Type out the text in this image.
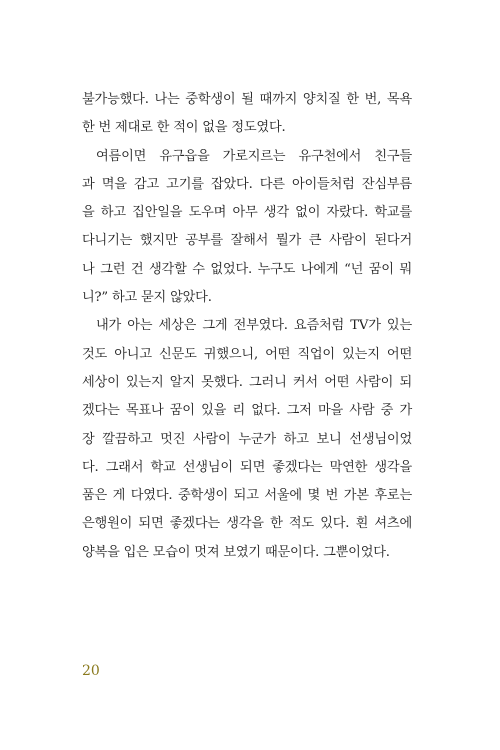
불가능했다. 나는 중학생이 될 때까지 양치질 한 번, 목욕
한 번 제대로 한 적이 없을 정도였다.
여름이면 유구읍을 가로지르는 유구천에서 친구들
과 멱을 감고 고기를 잡았다. 다른 아이들처럼 잔심부름
을 하고 집안일을 도우며 아무 생각 없이 자랐다. 학교를
다니기는 했지만 공부를 잘해서 뭘가 큰 사람이 된다거
나 그런 건 생각할 수 없었다. 누구도 나에게 “넌 꿈이 뭐
니?” 하고 묻지 않았다.
내가 아는 세상은 그게 전부였다. 요즘처럼 TV가 있는
것도 아니고 신문도 귀했으니, 어떤 직업이 있는지 어떤
세상이 있는지 알지 못했다. 그러니 커서 어떤 사람이 되
겠다는 목표나 꿈이 있을 리 없다. 그저 마을 사람 중 가
장 깔끔하고 멋진 사람이 누군가 하고 보니 선생님이었
다. 그래서 학교 선생님이 되면 좋겠다는 막연한 생각을
품은 게 다였다. 중학생이 되고 서울에 몇 번 가본 후로는
은행원이 되면 좋겠다는 생각을 한 적도 있다. 흰 셔츠에
양복을 입은 모습이 멋져 보였기 때문이다. 그뿐이었다.
20
